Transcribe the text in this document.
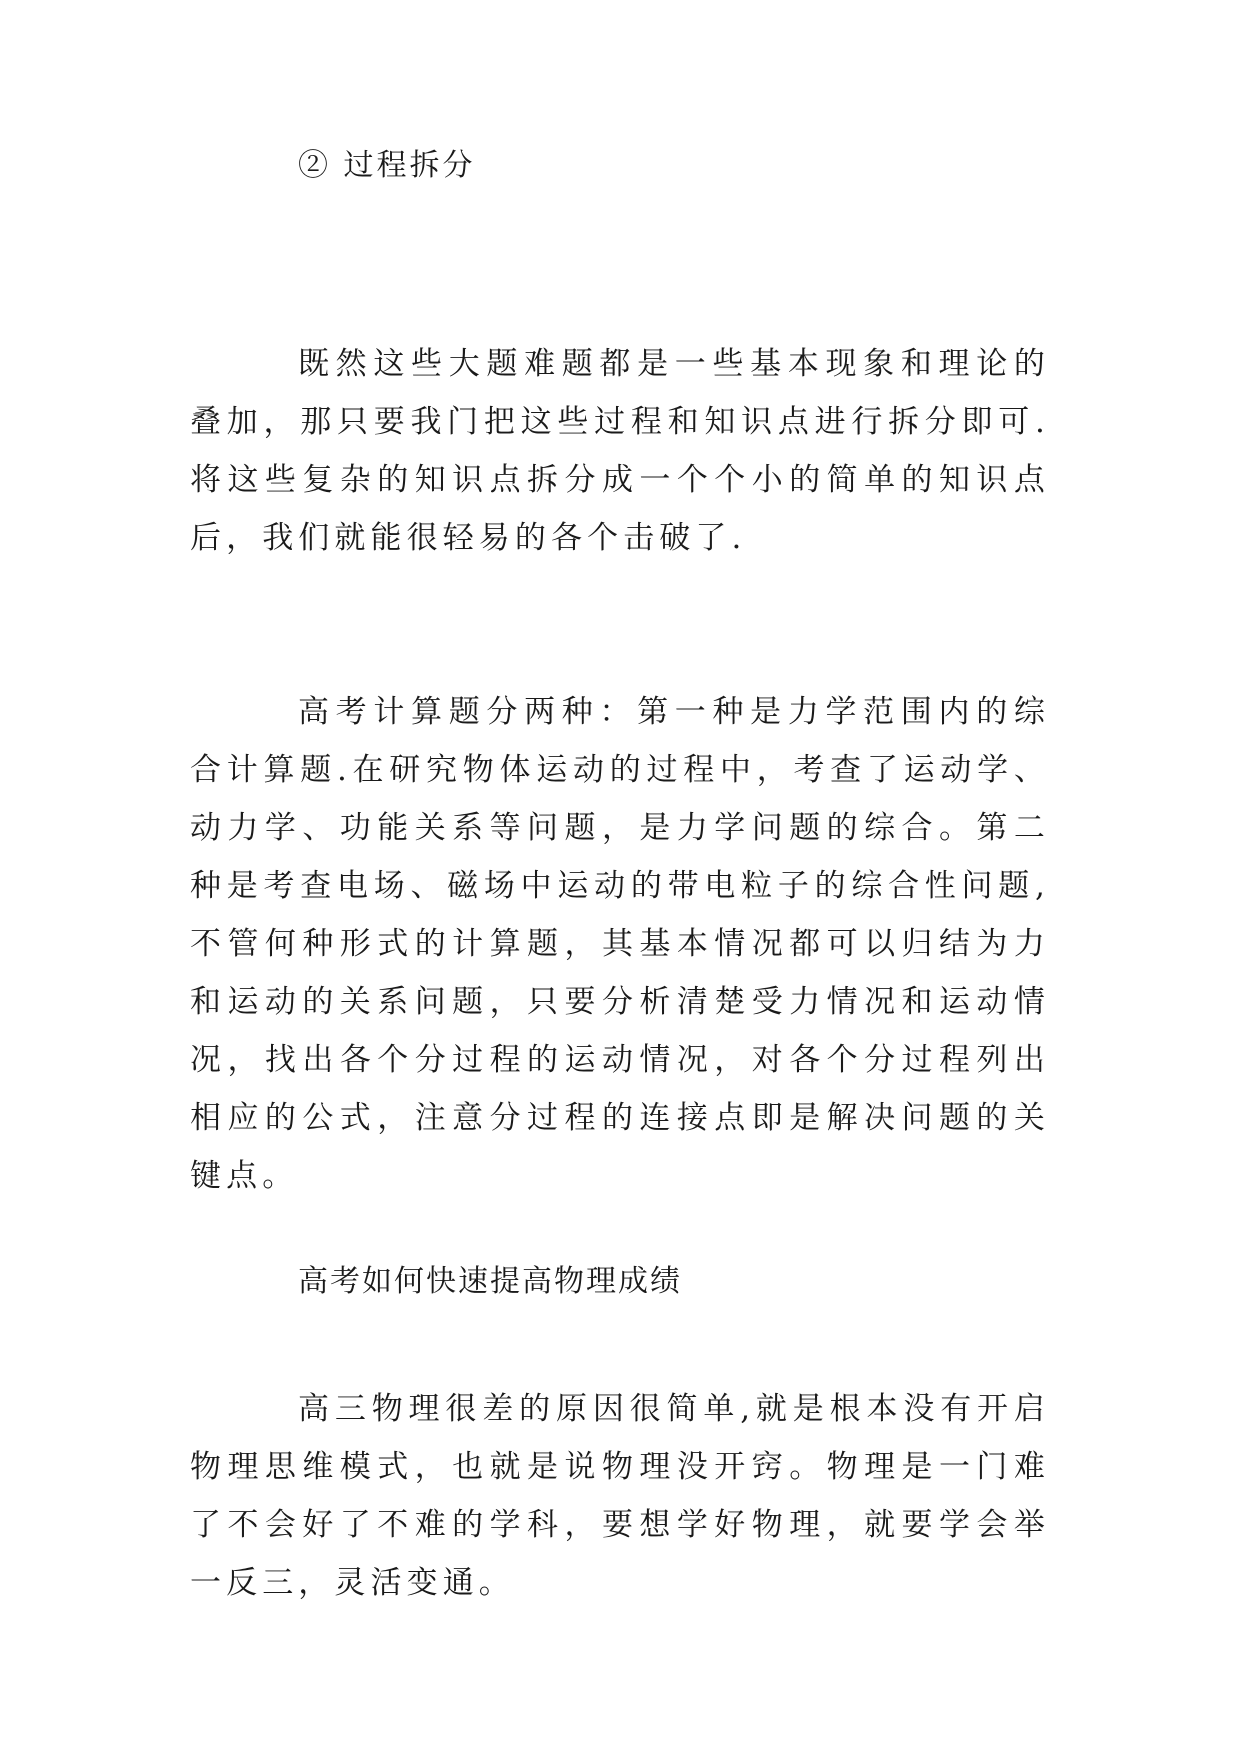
② 过程拆分

既然这些大题难题都是一些基本现象和理论的叠加，那只要我门把这些过程和知识点进行拆分即可.将这些复杂的知识点拆分成一个个小的简单的知识点后，我们就能很轻易的各个击破了.

高考计算题分两种：第一种是力学范围内的综合计算题.在研究物体运动的过程中，考查了运动学、动力学、功能关系等问题，是力学问题的综合。第二种是考查电场、磁场中运动的带电粒子的综合性问题,不管何种形式的计算题，其基本情况都可以归结为力和运动的关系问题，只要分析清楚受力情况和运动情况，找出各个分过程的运动情况，对各个分过程列出相应的公式，注意分过程的连接点即是解决问题的关键点。

高考如何快速提高物理成绩

高三物理很差的原因很简单,就是根本没有开启物理思维模式，也就是说物理没开窍。物理是一门难了不会好了不难的学科，要想学好物理，就要学会举一反三，灵活变通。
